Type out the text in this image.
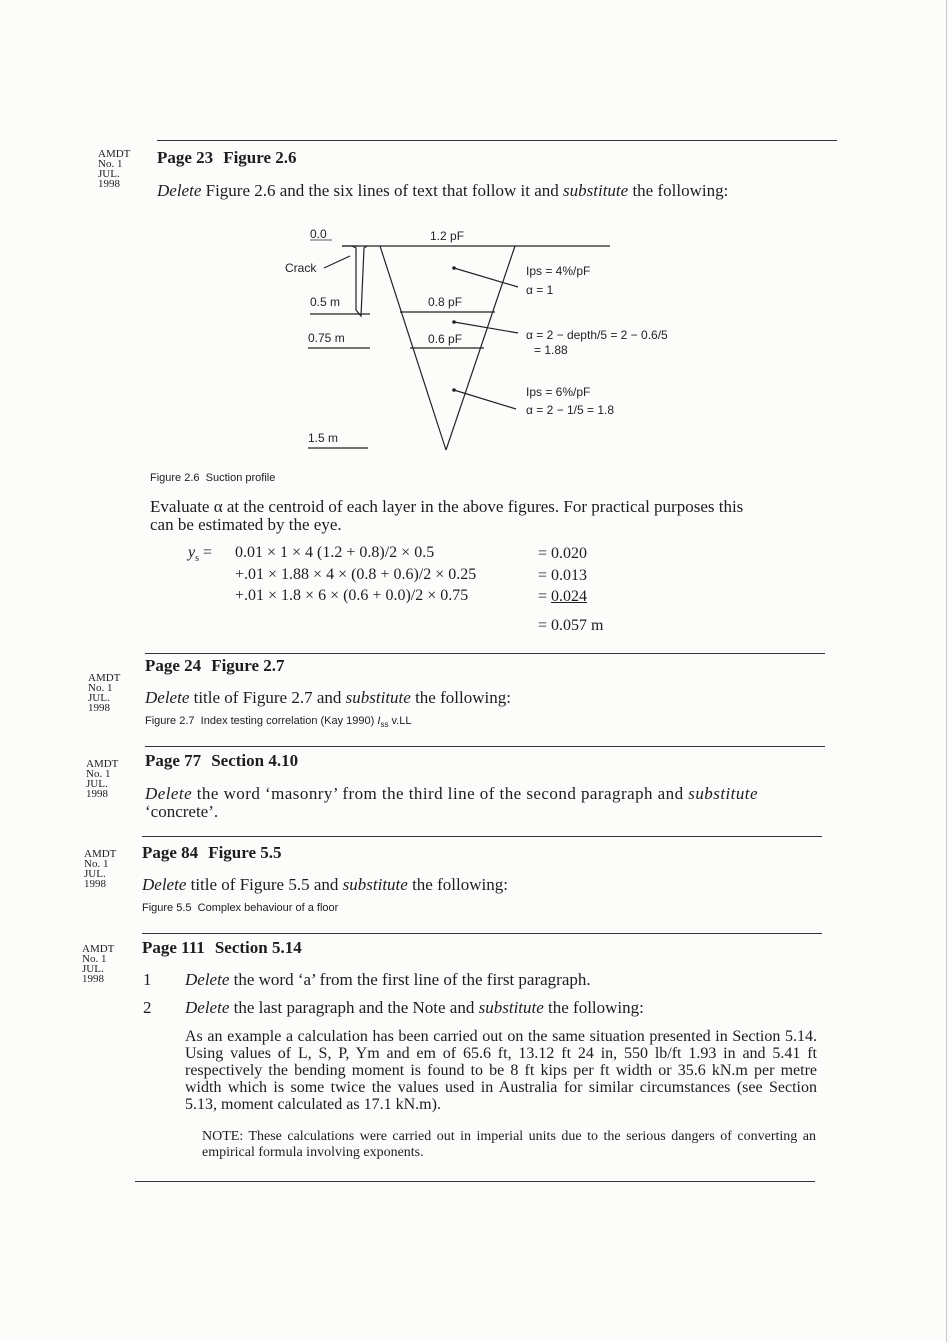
AMDT
No. 1
JUL.
1998
Page 23 Figure 2.6
Delete Figure 2.6 and the six lines of text that follow it and substitute the following:
0.0	1.2 pF
Crack
0.5 m	0.8 pF
0.75 m	0.6 pF
1.5 m
Ips = 4%/pF
α = 1
α = 2 − depth/5 = 2 − 0.6/5
= 1.88
Ips = 6%/pF
α = 2 − 1/5 = 1.8
Figure 2.6 Suction profile
Evaluate α at the centroid of each layer in the above figures. For practical purposes this
can be estimated by the eye.
$y_s = 0.01 \times 1 \times 4$ (1.2 + 0.8)/2 × 0.5	= 0.020
+.01 × 1.88 × 4 × (0.8 + 0.6)/2 × 0.25	= 0.013
+.01 × 1.8 × 6 × (0.6 + 0.0)/2 × 0.75	= 0.024
= 0.057 m
AMDT
No. 1
JUL.
1998
Page 24 Figure 2.7
Delete title of Figure 2.7 and substitute the following:
Figure 2.7 Index testing correlation (Kay 1990) $I_{ss}$ v.LL
AMDT
No. 1
JUL.
1998
Page 77 Section 4.10
Delete the word ‘masonry’ from the third line of the second paragraph and substitute
‘concrete’.
AMDT
No. 1
JUL.
1998
Page 84 Figure 5.5
Delete title of Figure 5.5 and substitute the following:
Figure 5.5 Complex behaviour of a floor
AMDT
No. 1
JUL.
1998
Page 111 Section 5.14
1 Delete the word ‘a’ from the first line of the first paragraph.
2 Delete the last paragraph and the Note and substitute the following:
As an example a calculation has been carried out on the same situation presented in Section 5.14. Using values of L, S, P, Ym and em of 65.6 ft, 13.12 ft 24 in, 550 lb/ft 1.93 in and 5.41 ft respectively the bending moment is found to be 8 ft kips per ft width or 35.6 kN.m per metre width which is some twice the values used in Australia for similar circumstances (see Section 5.13, moment calculated as 17.1 kN.m).
NOTE: These calculations were carried out in imperial units due to the serious dangers of converting an empirical formula involving exponents.
